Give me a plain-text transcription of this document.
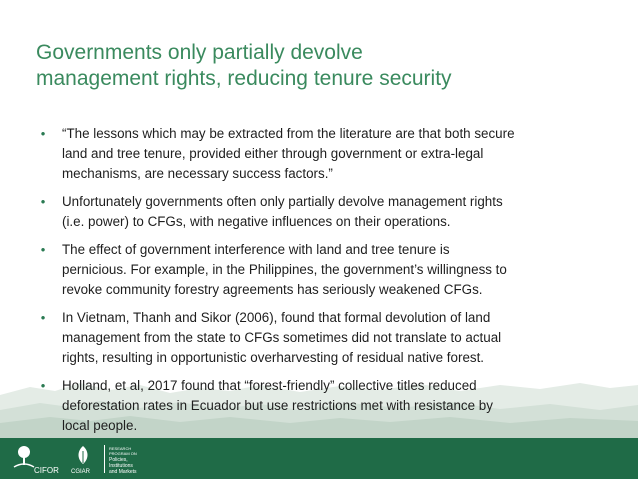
Governments only partially devolve
management rights, reducing tenure security
•	“The lessons which may be extracted from the literature are that both secure
land and tree tenure, provided either through government or extra-legal
mechanisms, are necessary success factors.”
•	Unfortunately governments often only partially devolve management rights
(i.e. power) to CFGs, with negative influences on their operations.
•	The effect of government interference with land and tree tenure is
pernicious. For example, in the Philippines, the government’s willingness to
revoke community forestry agreements has seriously weakened CFGs.
•	In Vietnam, Thanh and Sikor (2006), found that formal devolution of land
management from the state to CFGs sometimes did not translate to actual
rights, resulting in opportunistic overharvesting of residual native forest.
•	Holland, et al, 2017 found that “forest-friendly” collective titles reduced
deforestation rates in Ecuador but use restrictions met with resistance by
local people.
CIFOR CGIAR
RESEARCH
PROGRAM ON
Policies,
Institutions
and Markets
